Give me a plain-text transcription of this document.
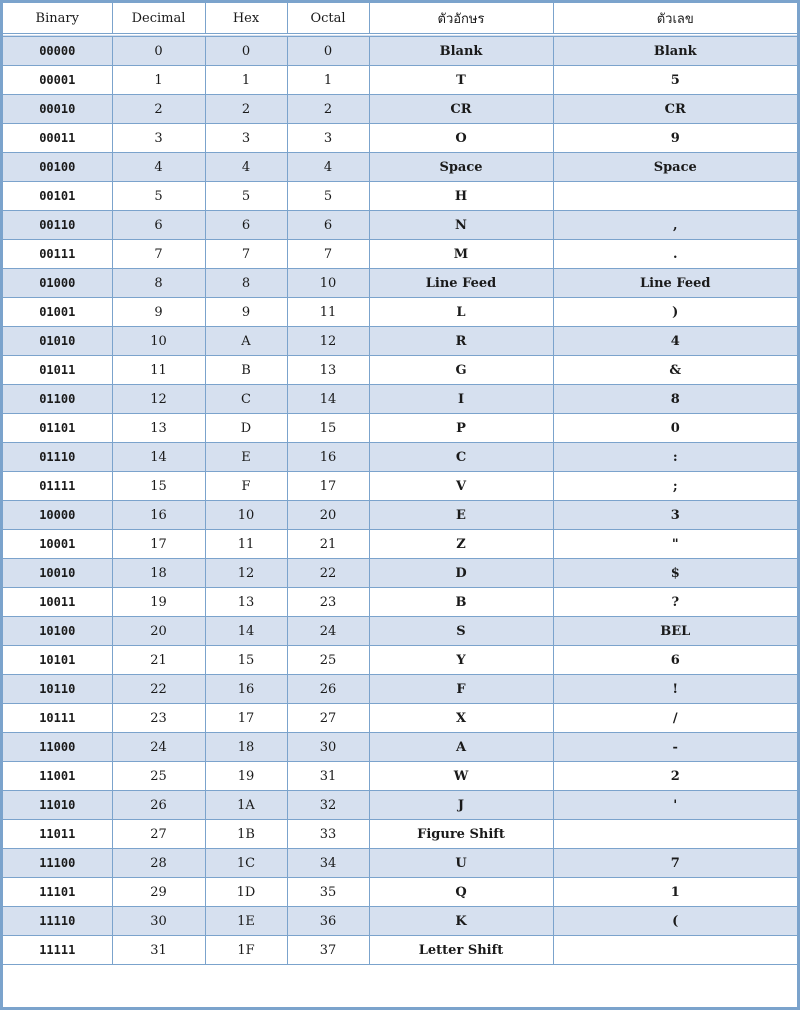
Binary	Decimal	Hex	Octal	ตัวอักษร	ตัวเลข
00000	0	0	0	Blank	Blank
00001	1	1	1	T	5
00010	2	2	2	CR	CR
00011	3	3	3	O	9
00100	4	4	4	Space	Space
00101	5	5	5	H	
00110	6	6	6	N	,
00111	7	7	7	M	.
01000	8	8	10	Line Feed	Line Feed
01001	9	9	11	L	)
01010	10	A	12	R	4
01011	11	B	13	G	&
01100	12	C	14	I	8
01101	13	D	15	P	0
01110	14	E	16	C	:
01111	15	F	17	V	;
10000	16	10	20	E	3
10001	17	11	21	Z	"
10010	18	12	22	D	$
10011	19	13	23	B	?
10100	20	14	24	S	BEL
10101	21	15	25	Y	6
10110	22	16	26	F	!
10111	23	17	27	X	/
11000	24	18	30	A	-
11001	25	19	31	W	2
11010	26	1A	32	J	'
11011	27	1B	33	Figure Shift	
11100	28	1C	34	U	7
11101	29	1D	35	Q	1
11110	30	1E	36	K	(
11111	31	1F	37	Letter Shift	
